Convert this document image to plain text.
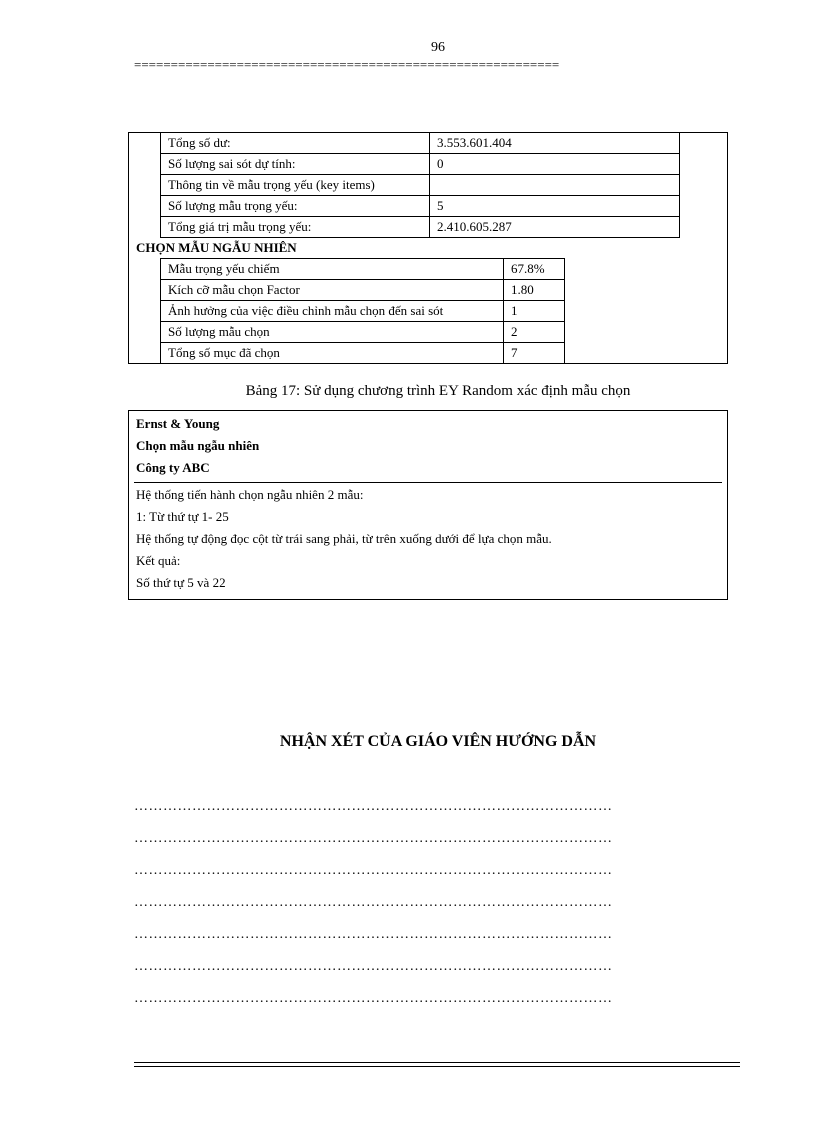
96
==========================================================
Tổng số dư:	3.553.601.404
Số lượng sai sót dự tính:	0
Thông tin về mẫu trọng yếu (key items)	
Số lượng mẫu trọng yếu:	5
Tổng giá trị mẫu trọng yếu:	2.410.605.287
CHỌN MẪU NGẪU NHIÊN
Mẫu trọng yếu chiếm	67.8%
Kích cỡ mẫu chọn Factor	1.80
Ảnh hưởng của việc điều chỉnh mẫu chọn đến sai sót	1
Số lượng mẫu chọn	2
Tổng số mục đã chọn	7
Bảng 17: Sử dụng chương trình EY Random xác định mẫu chọn
Ernst & Young
Chọn mẫu ngẫu nhiên
Công ty ABC
Hệ thống tiến hành chọn ngẫu nhiên 2 mẫu:
1: Từ thứ tự 1- 25
Hệ thống tự động đọc cột từ trái sang phải, từ trên xuống dưới để lựa chọn mẫu.
Kết quả:
Số thứ tự 5 và 22
NHẬN XÉT CỦA GIÁO VIÊN HƯỚNG DẪN
………………………………………………………………………………………
………………………………………………………………………………………
………………………………………………………………………………………
………………………………………………………………………………………
………………………………………………………………………………………
………………………………………………………………………………………
………………………………………………………………………………………
